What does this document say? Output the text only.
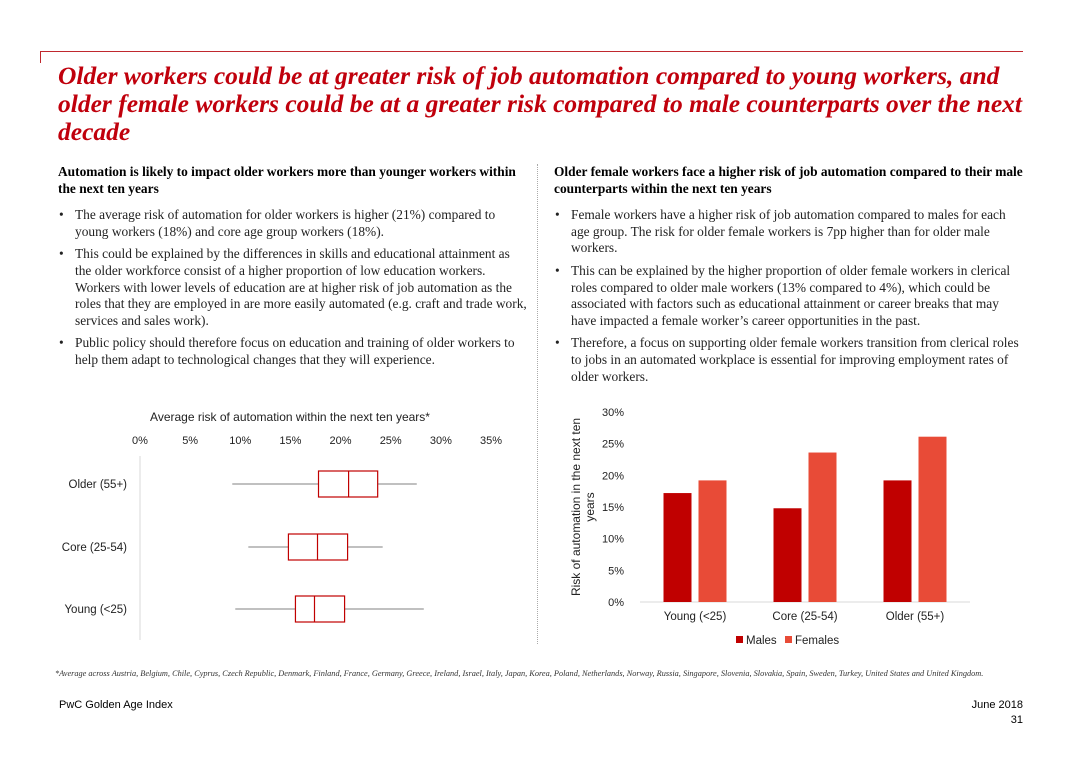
Older workers could be at greater risk of job automation compared to young workers, and older female workers could be at a greater risk compared to male counterparts over the next decade
Automation is likely to impact older workers more than younger workers within the next ten years
• The average risk of automation for older workers is higher (21%) compared to young workers (18%) and core age group workers (18%).
• This could be explained by the differences in skills and educational attainment as the older workforce consist of a higher proportion of low education workers. Workers with lower levels of education are at higher risk of job automation as the roles that they are employed in are more easily automated (e.g. craft and trade work, services and sales work).
• Public policy should therefore focus on education and training of older workers to help them adapt to technological changes that they will experience.
Older female workers face a higher risk of job automation compared to their male counterparts within the next ten years
• Female workers have a higher risk of job automation compared to males for each age group. The risk for older female workers is 7pp higher than for older male workers.
• This can be explained by the higher proportion of older female workers in clerical roles compared to older male workers (13% compared to 4%), which could be associated with factors such as educational attainment or career breaks that may have impacted a female worker’s career opportunities in the past.
• Therefore, a focus on supporting older female workers transition from clerical roles to jobs in an automated workplace is essential for improving employment rates of older workers.
Average risk of automation within the next ten years*
0%	5%	10%	15%	20%	25%	30%	35%
Older (55+)
Core (25-54)
Young (<25)
0%
5%
10%
15%
20%
25%
30%
Risk of automation in the next tenyears
Young (<25)	Core (25-54)	Older (55+)
Males Females

*Average across Austria, Belgium, Chile, Cyprus, Czech Republic, Denmark, Finland, France, Germany, Greece, Ireland, Israel, Italy, Japan, Korea, Poland, Netherlands, Norway, Russia, Singapore, Slovenia, Slovakia, Spain, Sweden, Turkey, United States and United Kingdom.

PwC Golden Age Index	June 2018
31
